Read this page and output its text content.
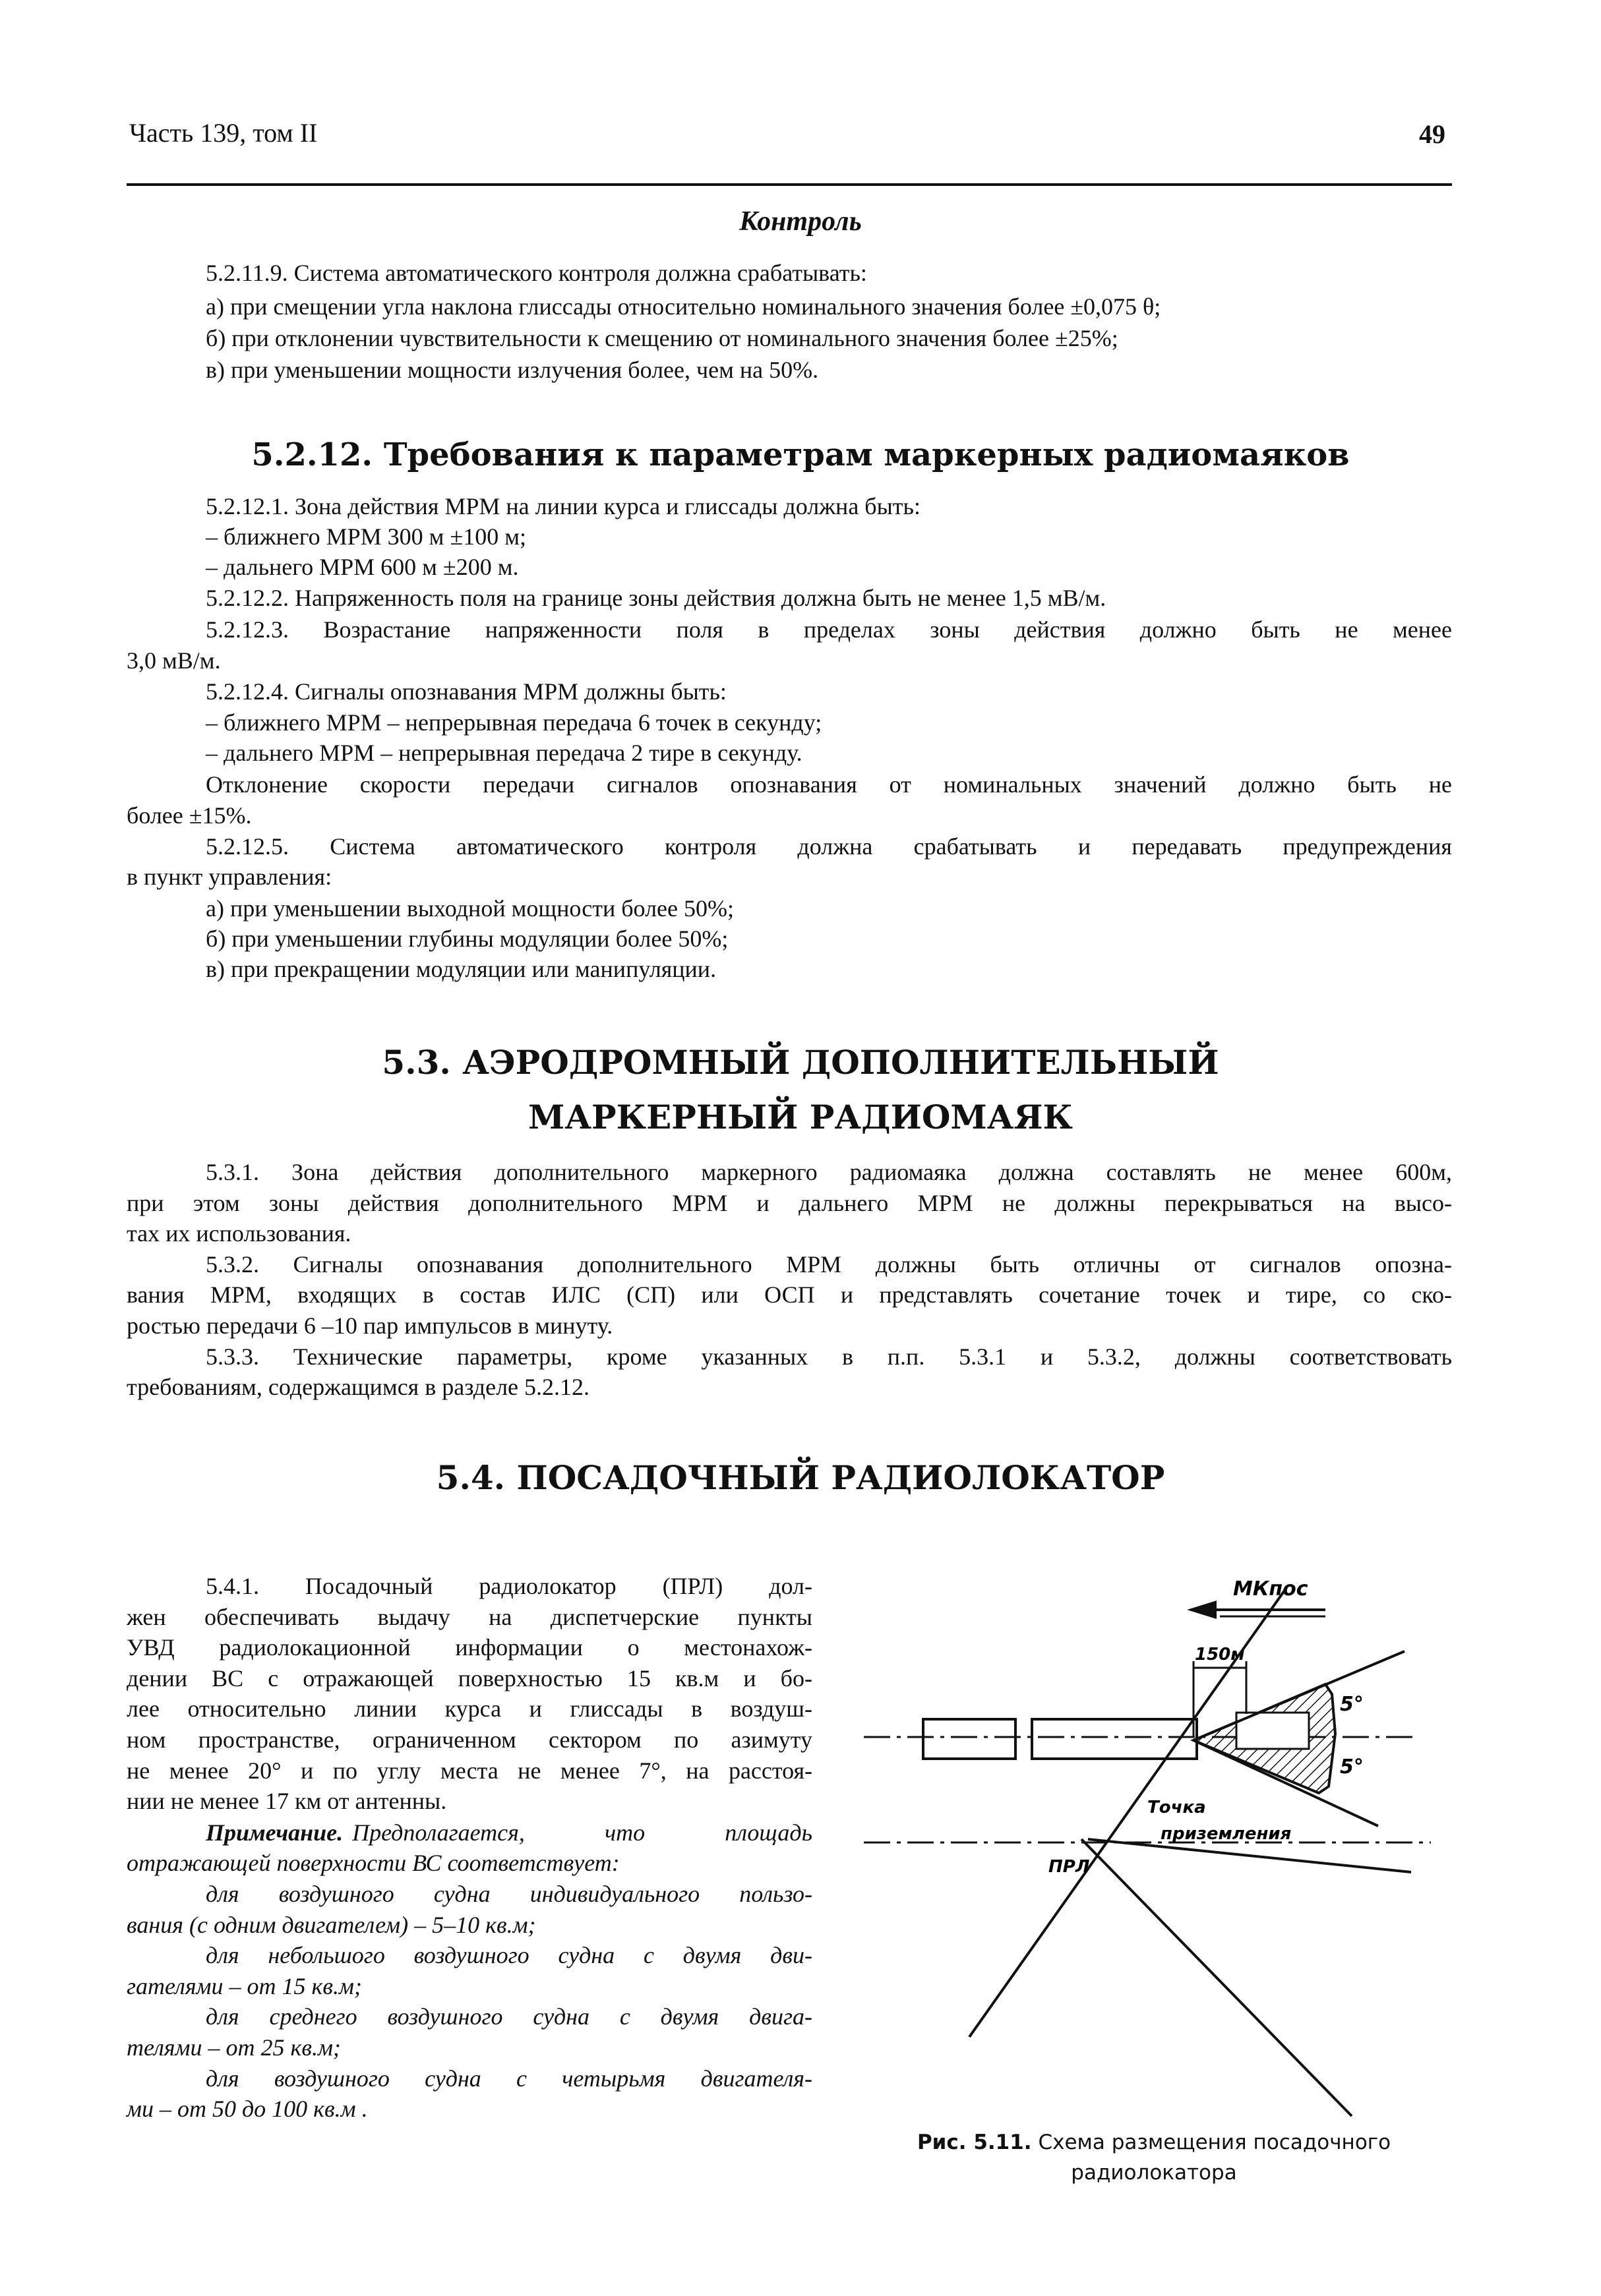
Часть 139, том II	49
Контроль
5.2.11.9. Система автоматического контроля должна срабатывать:
а) при смещении угла наклона глиссады относительно номинального значения более ±0,075 θ;
б) при отклонении чувствительности к смещению от номинального значения более ±25%;
в) при уменьшении мощности излучения более, чем на 50%.
5.2.12. Требования к параметрам маркерных радиомаяков
5.2.12.1. Зона действия МРМ на линии курса и глиссады должна быть:
– ближнего МРМ 300 м ±100 м;
– дальнего МРМ 600 м ±200 м.
5.2.12.2. Напряженность поля на границе зоны действия должна быть не менее 1,5 мВ/м.
5.2.12.3. Возрастание напряженности поля в пределах зоны действия должно быть не менее
3,0 мВ/м.
5.2.12.4. Сигналы опознавания МРМ должны быть:
– ближнего МРМ – непрерывная передача 6 точек в секунду;
– дальнего МРМ – непрерывная передача 2 тире в секунду.
Отклонение скорости передачи сигналов опознавания от номинальных значений должно быть не
более ±15%.
5.2.12.5. Система автоматического контроля должна срабатывать и передавать предупреждения
в пункт управления:
а) при уменьшении выходной мощности более 50%;
б) при уменьшении глубины модуляции более 50%;
в) при прекращении модуляции или манипуляции.
5.3. АЭРОДРОМНЫЙ ДОПОЛНИТЕЛЬНЫЙ
МАРКЕРНЫЙ РАДИОМАЯК
5.3.1. Зона действия дополнительного маркерного радиомаяка должна составлять не менее 600м,
при этом зоны действия дополнительного МРМ и дальнего МРМ не должны перекрываться на высо-
тах их использования.
5.3.2. Сигналы опознавания дополнительного МРМ должны быть отличны от сигналов опозна-
вания МРМ, входящих в состав ИЛС (СП) или ОСП и представлять сочетание точек и тире, со ско-
ростью передачи 6 –10 пар импульсов в минуту.
5.3.3. Технические параметры, кроме указанных в п.п. 5.3.1 и 5.3.2, должны соответствовать
требованиям, содержащимся в разделе 5.2.12.
5.4. ПОСАДОЧНЫЙ РАДИОЛОКАТОР
5.4.1. Посадочный радиолокатор (ПРЛ) дол-
жен обеспечивать выдачу на диспетчерские пункты
УВД радиолокационной информации о местонахож-
дении ВС с отражающей поверхностью 15 кв.м и бо-
лее относительно линии курса и глиссады в воздуш-
ном пространстве, ограниченном сектором по азимуту
не менее 20° и по углу места не менее 7°, на расстоя-
нии не менее 17 км от антенны.
Примечание. Предполагается, что площадь
отражающей поверхности ВС соответствует:
для воздушного судна индивидуального пользо-
вания (с одним двигателем) – 5–10 кв.м;
для небольшого воздушного судна с двумя дви-
гателями – от 15 кв.м;
для среднего воздушного судна с двумя двига-
телями – от 25 кв.м;
для воздушного судна с четырьмя двигателя-
ми – от 50 до 100 кв.м .
МКпос
150м
5°
5°
Точка
приземления
ПРЛ
Рис. 5.11. Схема размещения посадочного
радиолокатора
